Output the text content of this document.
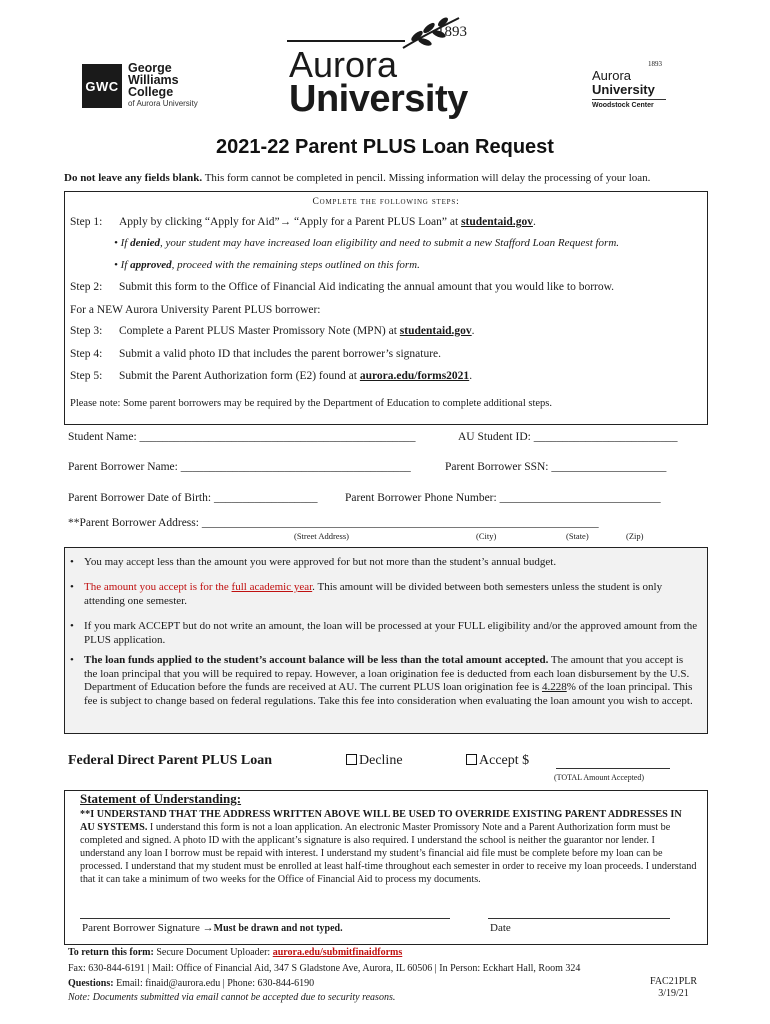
GWC
George
Williams
College
of Aurora University
1893
Aurora
University
1893
Aurora
University
Woodstock Center
2021-22 Parent PLUS Loan Request
Do not leave any fields blank. This form cannot be completed in pencil. Missing information will delay the processing of your loan.
Complete the following steps:
Step 1: Apply by clicking “Apply for Aid”→ “Apply for a Parent PLUS Loan” at studentaid.gov.
• If denied, your student may have increased loan eligibility and need to submit a new Stafford Loan Request form.
• If approved, proceed with the remaining steps outlined on this form.
Step 2: Submit this form to the Office of Financial Aid indicating the annual amount that you would like to borrow.
For a NEW Aurora University Parent PLUS borrower:
Step 3: Complete a Parent PLUS Master Promissory Note (MPN) at studentaid.gov.
Step 4: Submit a valid photo ID that includes the parent borrower’s signature.
Step 5: Submit the Parent Authorization form (E2) found at aurora.edu/forms2021.
Please note: Some parent borrowers may be required by the Department of Education to complete additional steps.
Student Name: ________________________________________________	AU Student ID: _________________________
Parent Borrower Name: ________________________________________	Parent Borrower SSN: ____________________
Parent Borrower Date of Birth: __________________ Parent Borrower Phone Number: ____________________________
**Parent Borrower Address: _____________________________________________________________________
(Street Address)	(City)	(State)	(Zip)
• You may accept less than the amount you were approved for but not more than the student’s annual budget.
• The amount you accept is for the full academic year. This amount will be divided between both semesters unless the student is only attending one semester.
• If you mark ACCEPT but do not write an amount, the loan will be processed at your FULL eligibility and/or the approved amount from the PLUS application.
• The loan funds applied to the student’s account balance will be less than the total amount accepted. The amount that you accept is the loan principal that you will be required to repay. However, a loan origination fee is deducted from each loan disbursement by the U.S. Department of Education before the funds are received at AU. The current PLUS loan origination fee is 4.228% of the loan principal. This fee is subject to change based on federal regulations. Take this fee into consideration when evaluating the loan amount you wish to accept.
Federal Direct Parent PLUS Loan	Decline	Accept $
(TOTAL Amount Accepted)
Statement of Understanding:
**I UNDERSTAND THAT THE ADDRESS WRITTEN ABOVE WILL BE USED TO OVERRIDE EXISTING PARENT ADDRESSES IN AU SYSTEMS. I understand this form is not a loan application. An electronic Master Promissory Note and a Parent Authorization form must be completed and signed. A photo ID with the applicant’s signature is also required. I understand the school is neither the guarantor nor lender. I understand any loan I borrow must be repaid with interest. I understand my student’s financial aid file must be complete before my loan can be processed. I understand that my student must be enrolled at least half-time throughout each semester in order to receive my loan proceeds. I understand that it can take a minimum of two weeks for the Office of Financial Aid to process my documents.
Parent Borrower Signature →Must be drawn and not typed.	Date
To return this form: Secure Document Uploader: aurora.edu/submitfinaidforms
Fax: 630-844-6191 | Mail: Office of Financial Aid, 347 S Gladstone Ave, Aurora, IL 60506 | In Person: Eckhart Hall, Room 324
Questions: Email: finaid@aurora.edu | Phone: 630-844-6190
Note: Documents submitted via email cannot be accepted due to security reasons.
FAC21PLR
3/19/21
